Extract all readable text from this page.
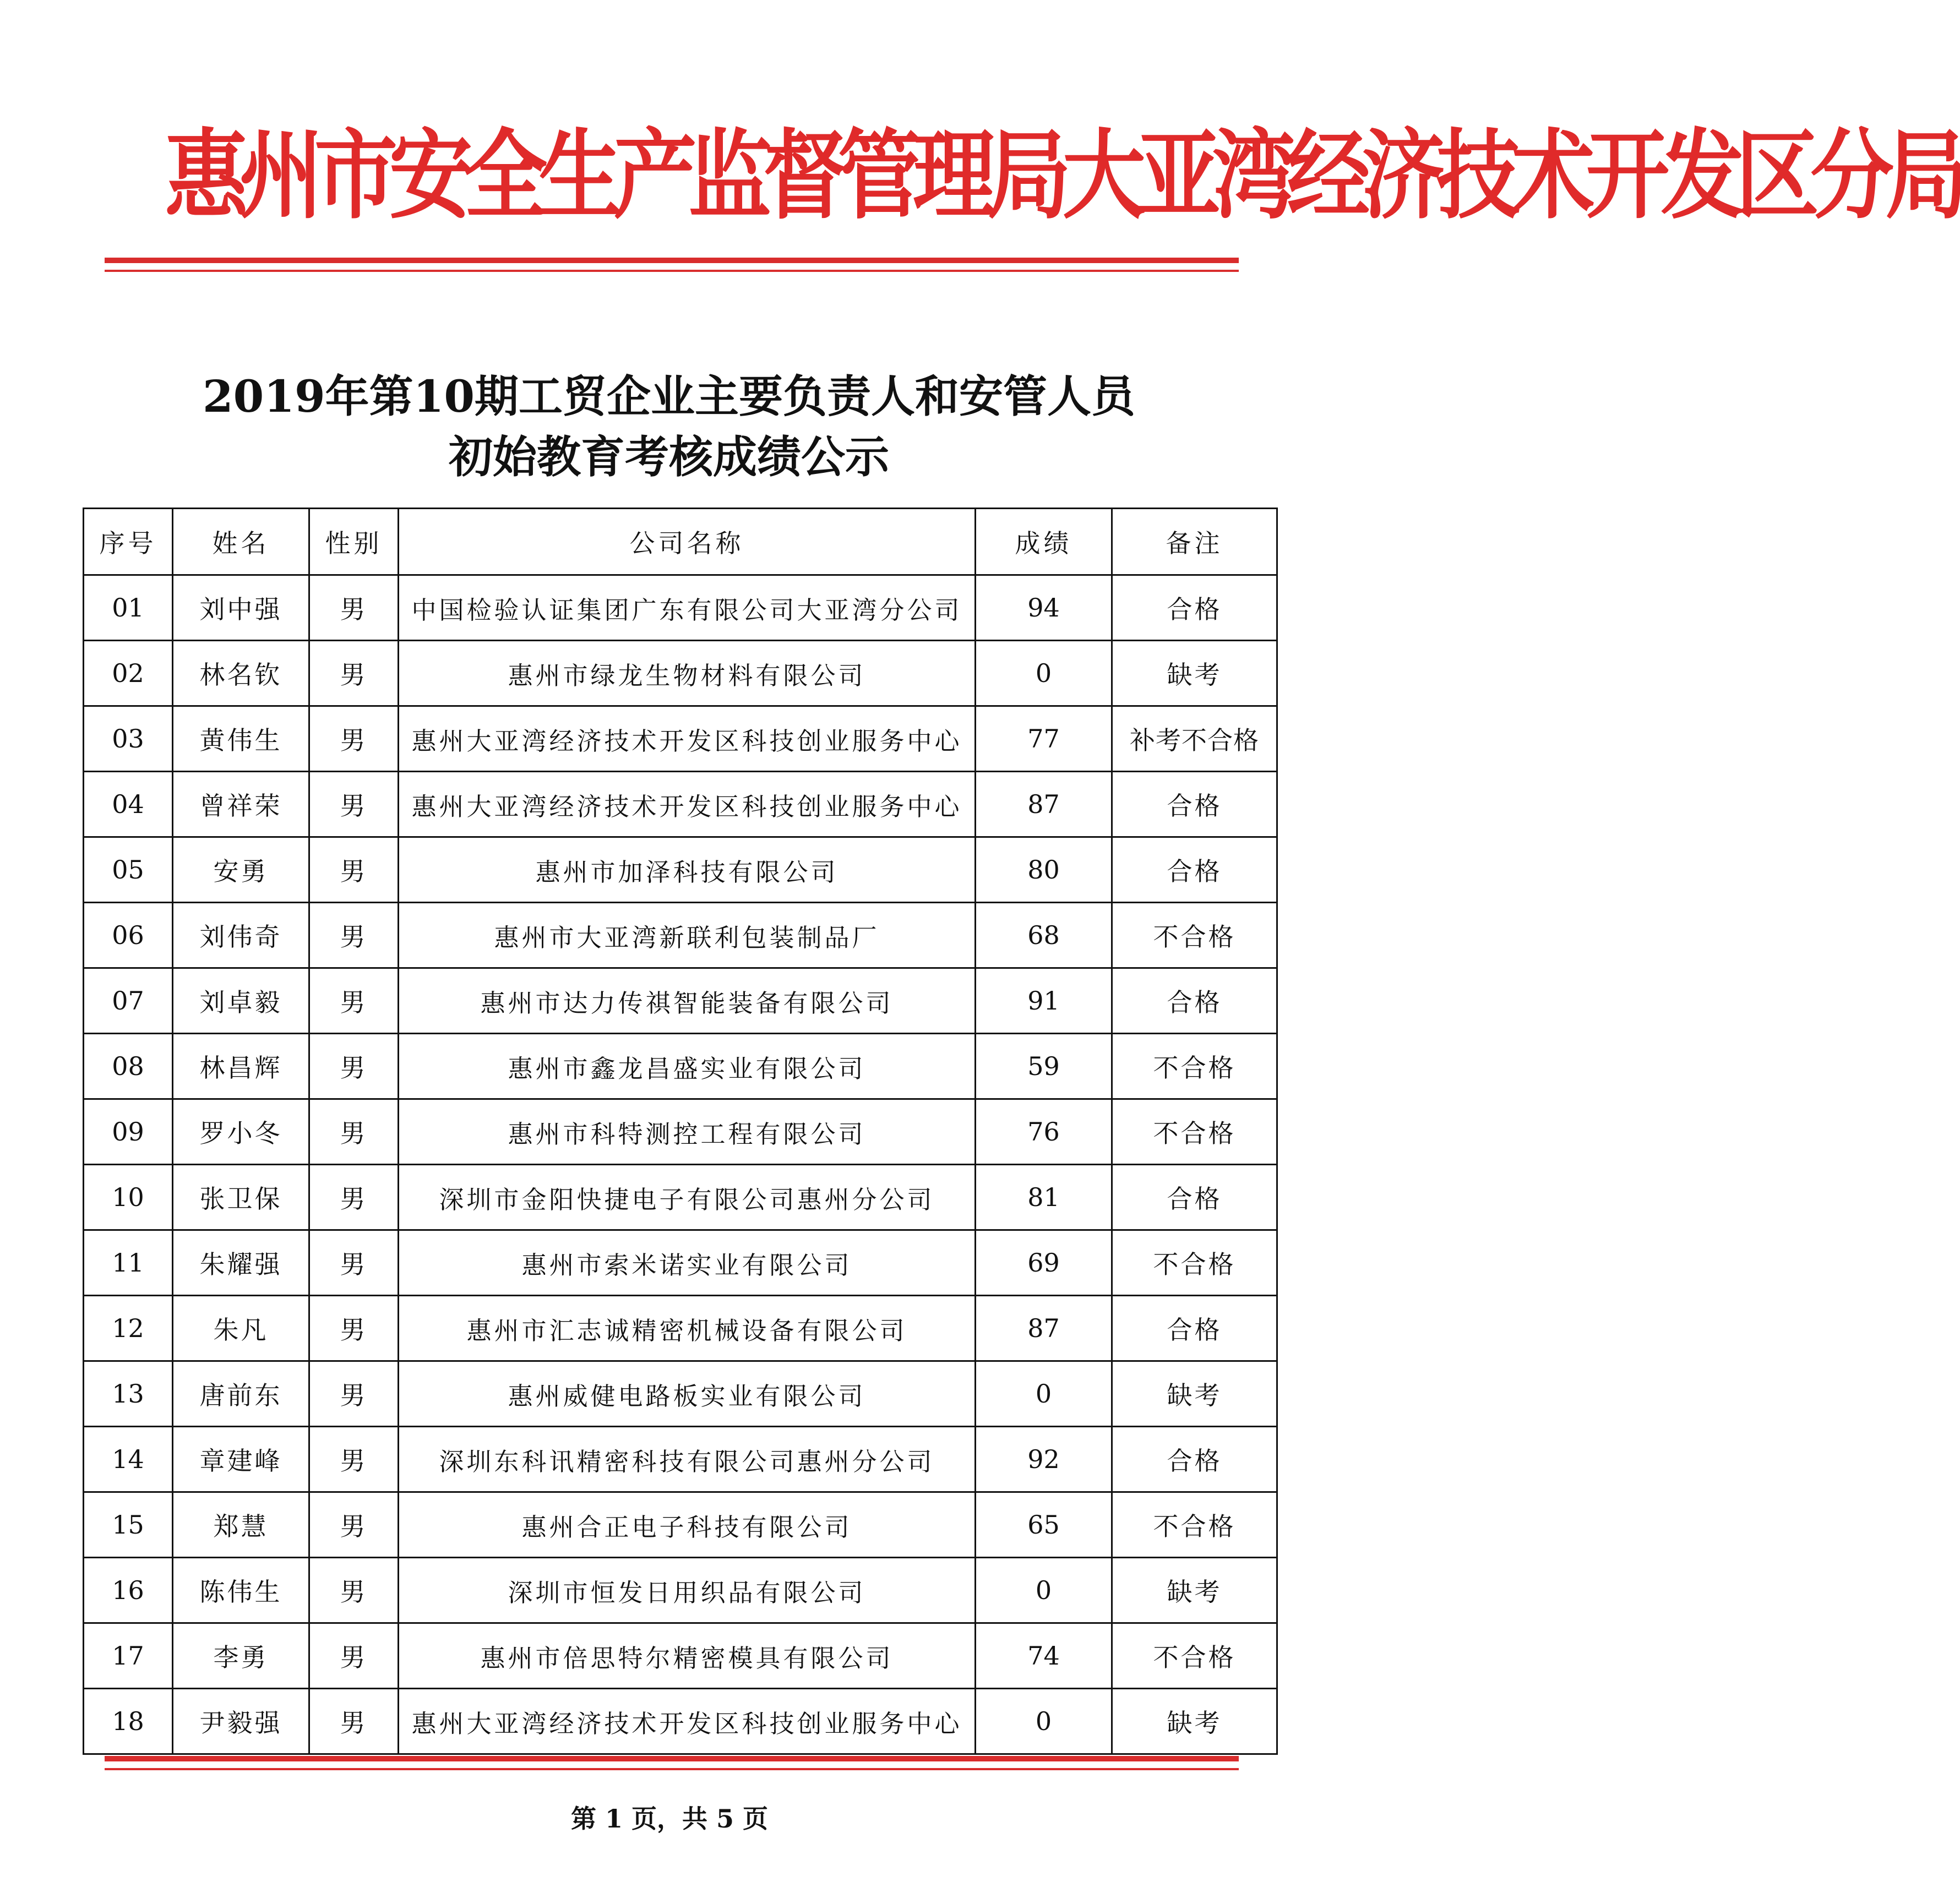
惠州市安全生产监督管理局大亚湾经济技术开发区分局
2019年第10期工贸企业主要负责人和安管人员
初始教育考核成绩公示
序号	姓名	性别	公司名称	成绩	备注
01	刘中强	男	中国检验认证集团广东有限公司大亚湾分公司	94	合格
02	林名钦	男	惠州市绿龙生物材料有限公司	0	缺考
03	黄伟生	男	惠州大亚湾经济技术开发区科技创业服务中心	77	补考不合格
04	曾祥荣	男	惠州大亚湾经济技术开发区科技创业服务中心	87	合格
05	安勇	男	惠州市加泽科技有限公司	80	合格
06	刘伟奇	男	惠州市大亚湾新联利包装制品厂	68	不合格
07	刘卓毅	男	惠州市达力传祺智能装备有限公司	91	合格
08	林昌辉	男	惠州市鑫龙昌盛实业有限公司	59	不合格
09	罗小冬	男	惠州市科特测控工程有限公司	76	不合格
10	张卫保	男	深圳市金阳快捷电子有限公司惠州分公司	81	合格
11	朱耀强	男	惠州市索米诺实业有限公司	69	不合格
12	朱凡	男	惠州市汇志诚精密机械设备有限公司	87	合格
13	唐前东	男	惠州威健电路板实业有限公司	0	缺考
14	章建峰	男	深圳东科讯精密科技有限公司惠州分公司	92	合格
15	郑慧	男	惠州合正电子科技有限公司	65	不合格
16	陈伟生	男	深圳市恒发日用织品有限公司	0	缺考
17	李勇	男	惠州市倍思特尔精密模具有限公司	74	不合格
18	尹毅强	男	惠州大亚湾经济技术开发区科技创业服务中心	0	缺考
第 1 页，共 5 页
